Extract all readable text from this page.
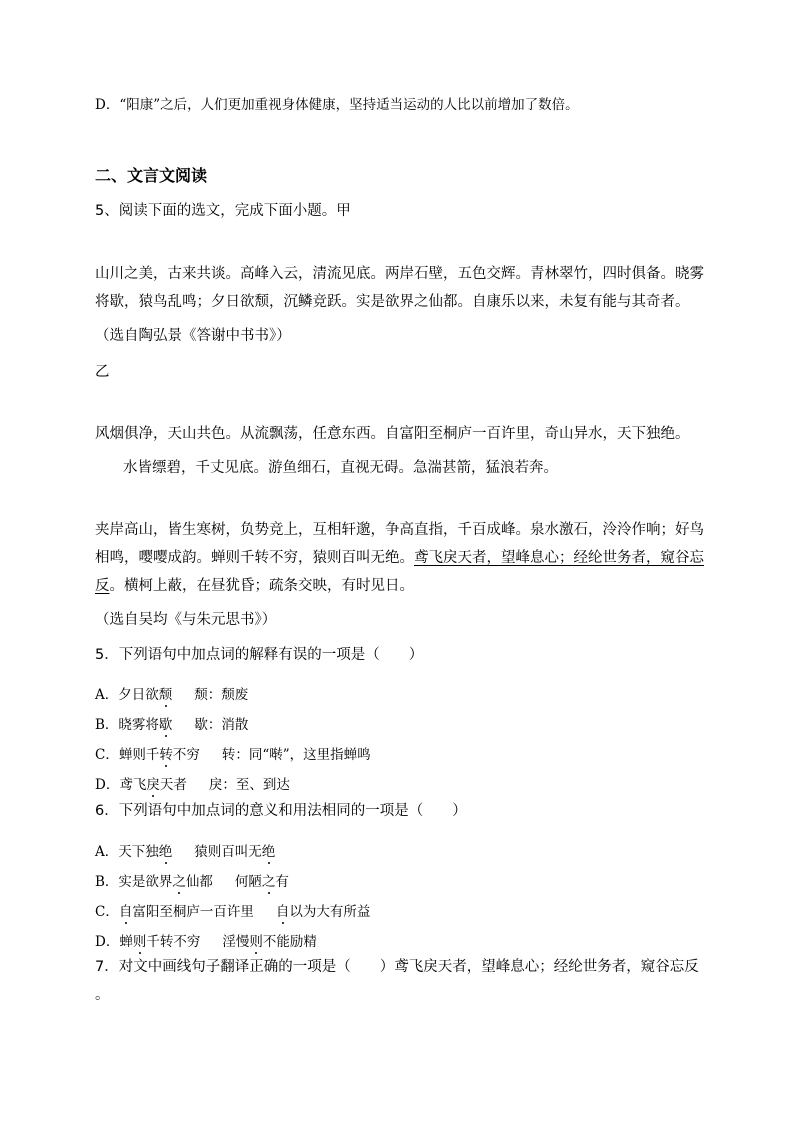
D．“阳康”之后，人们更加重视身体健康，坚持适当运动的人比以前增加了数倍。
二、文言文阅读
5、阅读下面的选文，完成下面小题。甲
山川之美，古来共谈。高峰入云，清流见底。两岸石壁，五色交辉。青林翠竹，四时俱备。晓雾
将歇，猿鸟乱鸣；夕日欲颓，沉鳞竞跃。实是欲界之仙都。自康乐以来，未复有能与其奇者。
（选自陶弘景《答谢中书书》）
乙
风烟俱净，天山共色。从流飘荡，任意东西。自富阳至桐庐一百许里，奇山异水，天下独绝。
水皆缥碧，千丈见底。游鱼细石，直视无碍。急湍甚箭，猛浪若奔。
夹岸高山，皆生寒树，负势竞上，互相轩邈，争高直指，千百成峰。泉水激石，泠泠作响；好鸟
相鸣，嘤嘤成韵。蝉则千转不穷，猿则百叫无绝。鸢飞戾天者，望峰息心；经纶世务者，窥谷忘
反。横柯上蔽，在昼犹昏；疏条交映，有时见日。
（选自吴均《与朱元思书》）
5．下列语句中加点词的解释有误的一项是（　　）
A．夕日欲颓 颓：颓废
B．晓雾将歇 歇：消散
C．蝉则千转不穷 转：同“啭”，这里指蝉鸣
D．鸢飞戾天者 戾：至、到达
6．下列语句中加点词的意义和用法相同的一项是（　　）
A．天下独绝 猿则百叫无绝
B．实是欲界之仙都 何陋之有
C．自富阳至桐庐一百许里 自以为大有所益
D．蝉则千转不穷 淫慢则不能励精
7．对文中画线句子翻译正确的一项是（　　）鸢飞戾天者，望峰息心；经纶世务者，窥谷忘反
。
